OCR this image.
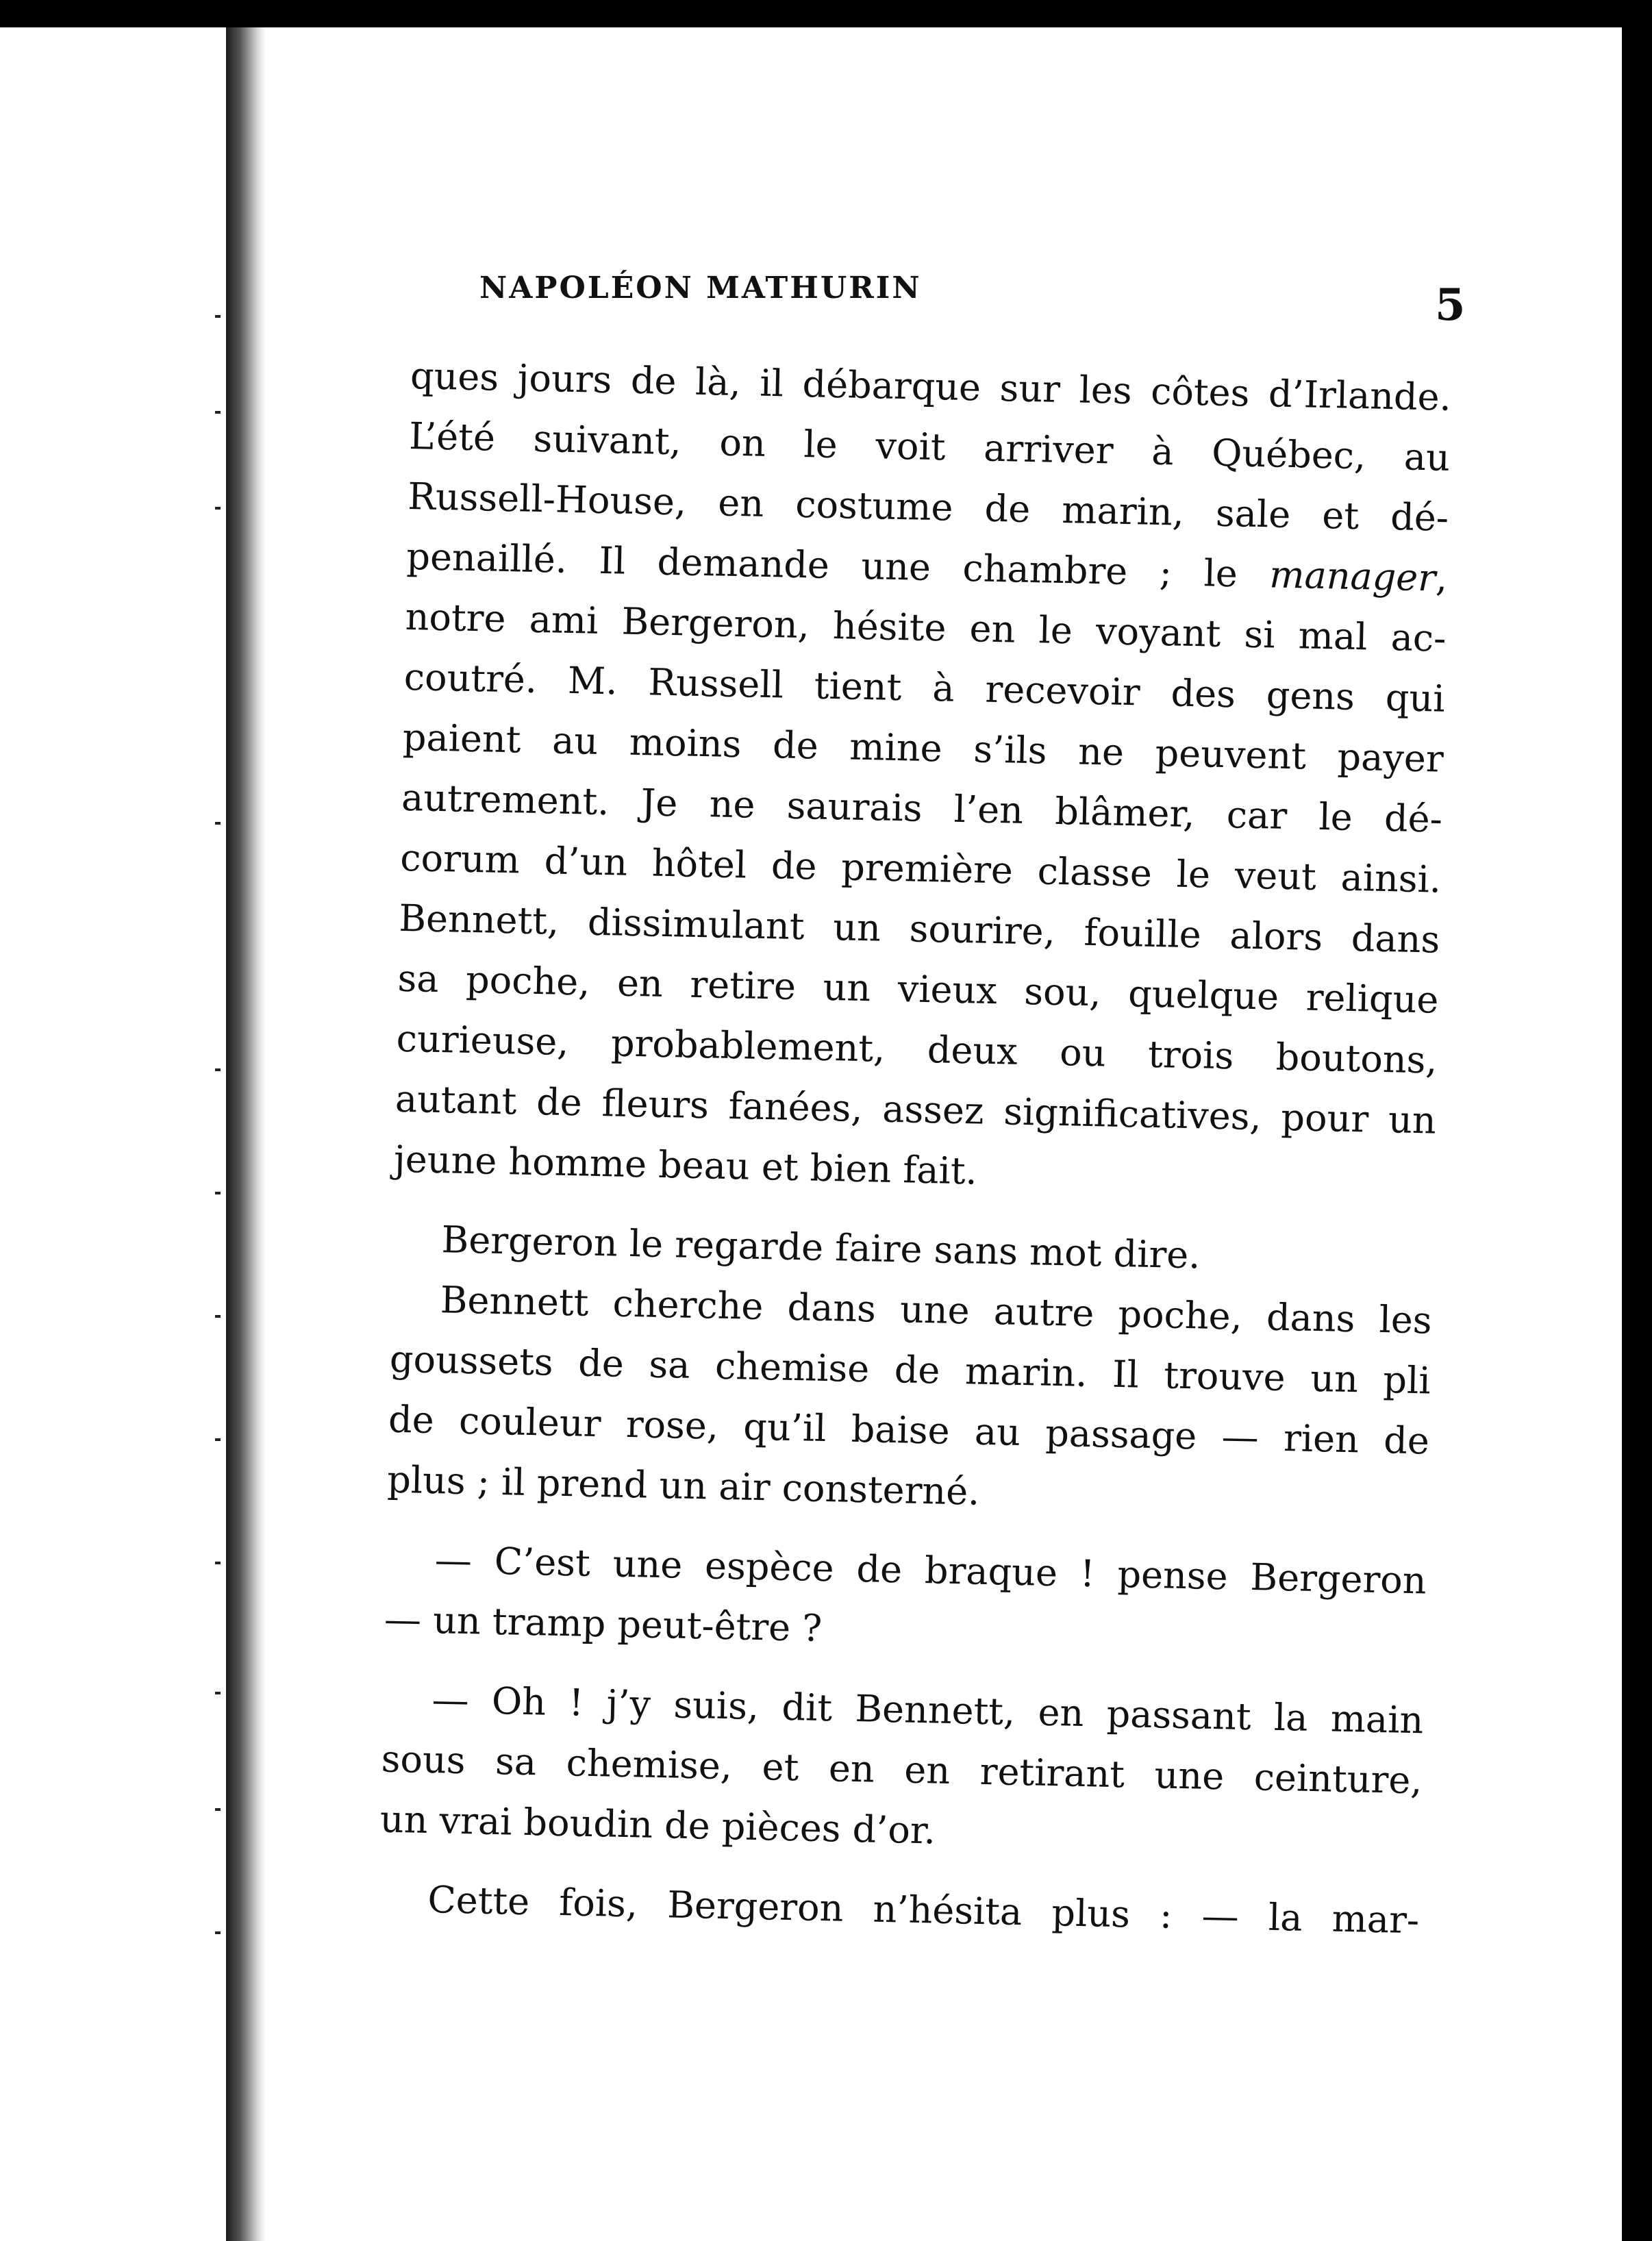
NAPOLÉON MATHURIN	5
ques jours de là, il débarque sur les côtes d’Irlande.
L’été suivant, on le voit arriver à Québec, au
Russell-House, en costume de marin, sale et dé-
penaillé. Il demande une chambre ; le manager,
notre ami Bergeron, hésite en le voyant si mal ac-
coutré. M. Russell tient à recevoir des gens qui
paient au moins de mine s’ils ne peuvent payer
autrement. Je ne saurais l’en blâmer, car le dé-
corum d’un hôtel de première classe le veut ainsi.
Bennett, dissimulant un sourire, fouille alors dans
sa poche, en retire un vieux sou, quelque relique
curieuse, probablement, deux ou trois boutons,
autant de fleurs fanées, assez significatives, pour un
jeune homme beau et bien fait.
Bergeron le regarde faire sans mot dire.
Bennett cherche dans une autre poche, dans les
goussets de sa chemise de marin. Il trouve un pli
de couleur rose, qu’il baise au passage — rien de
plus ; il prend un air consterné.
— C’est une espèce de braque ! pense Bergeron
— un tramp peut-être ?
— Oh ! j’y suis, dit Bennett, en passant la main
sous sa chemise, et en en retirant une ceinture,
un vrai boudin de pièces d’or.
Cette fois, Bergeron n’hésita plus : — la mar-
